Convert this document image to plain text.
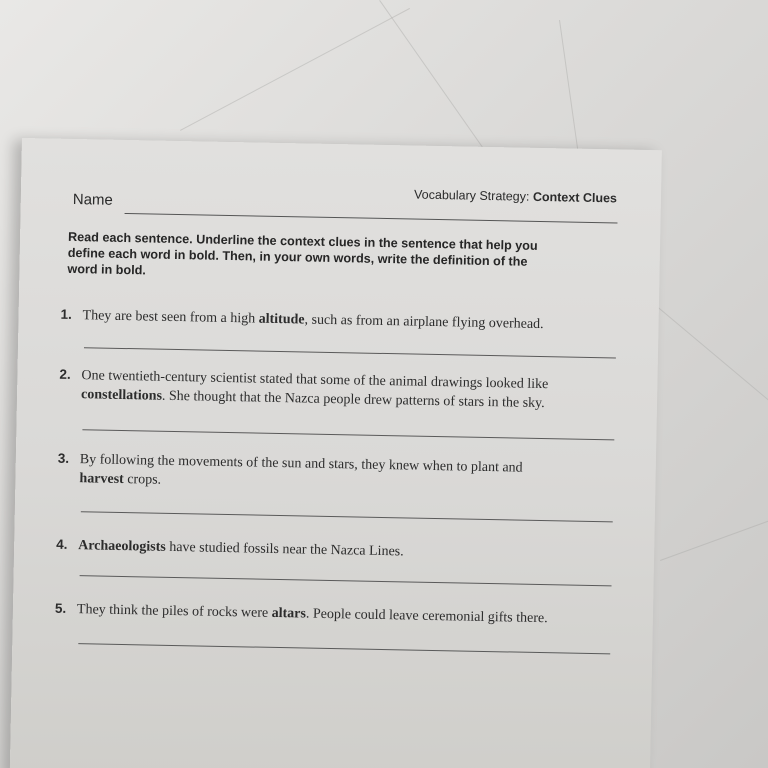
Vocabulary Strategy: Context Clues
Name
Read each sentence. Underline the context clues in the sentence that help you define each word in bold. Then, in your own words, write the definition of the word in bold.
1. They are best seen from a high altitude, such as from an airplane flying overhead.
2. One twentieth-century scientist stated that some of the animal drawings looked like
constellations. She thought that the Nazca people drew patterns of stars in the sky.
3. By following the movements of the sun and stars, they knew when to plant and
harvest crops.
4. Archaeologists have studied fossils near the Nazca Lines.
5. They think the piles of rocks were altars. People could leave ceremonial gifts there.
